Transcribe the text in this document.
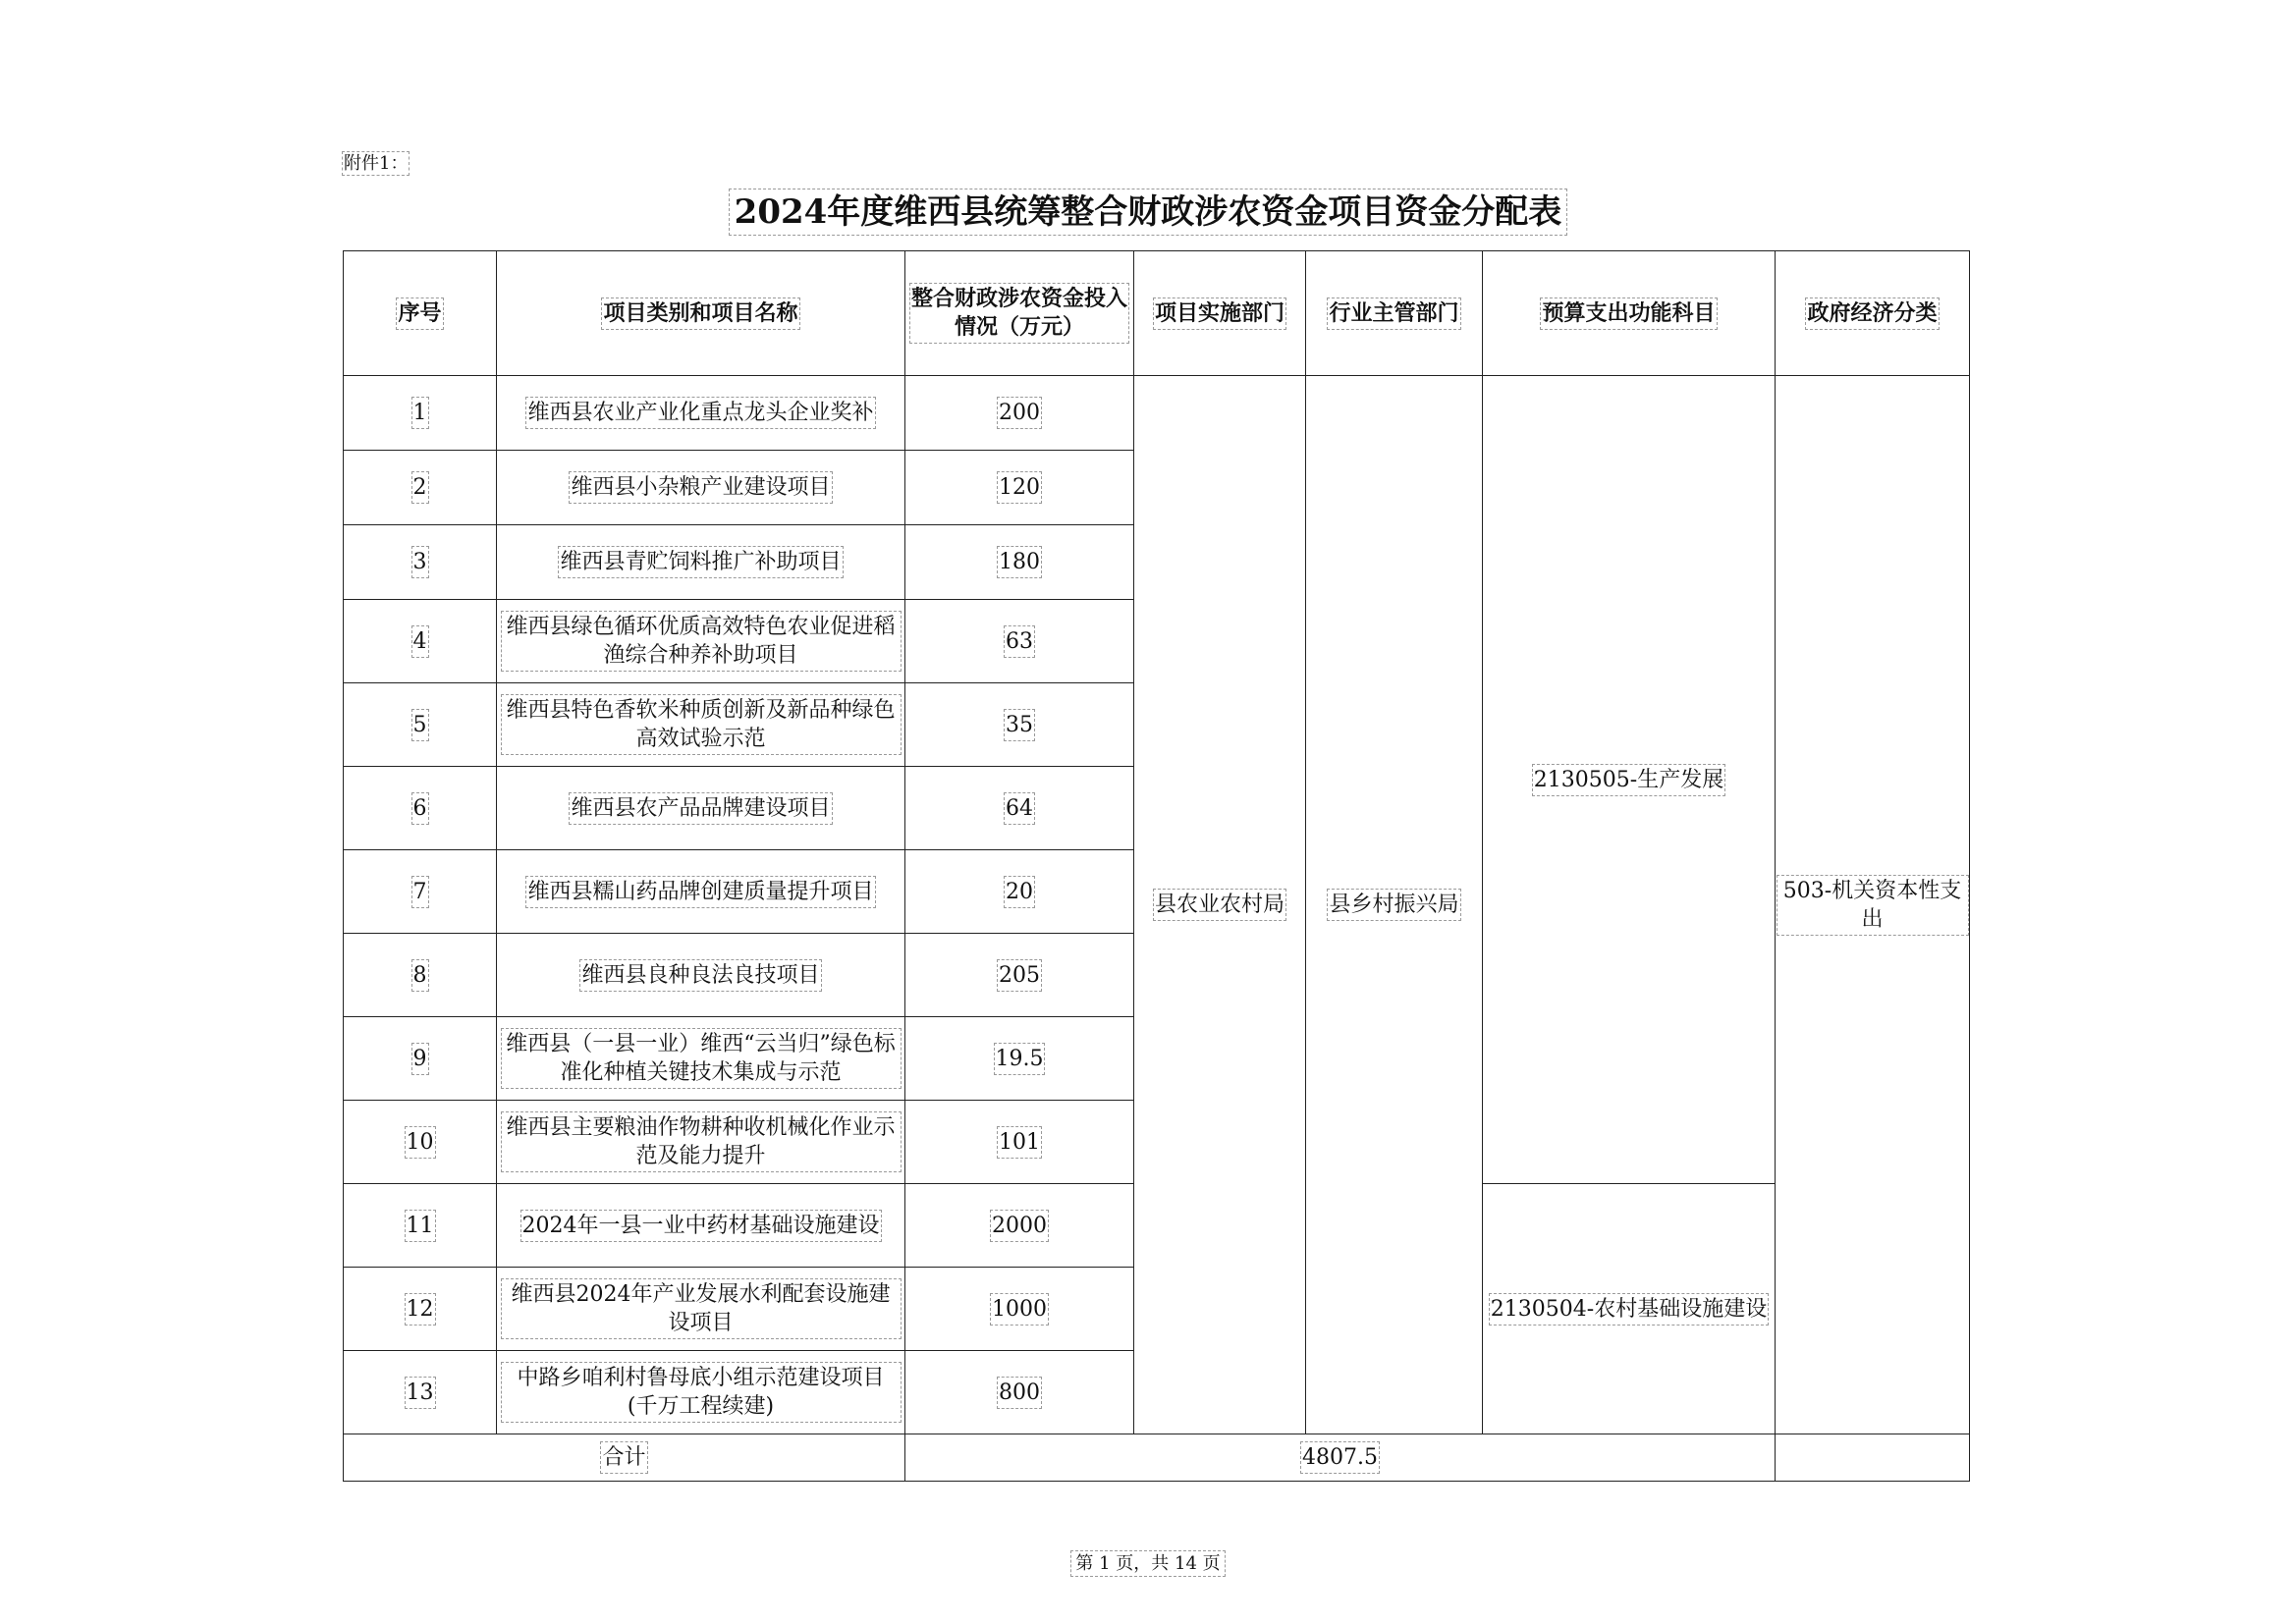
附件1：
2024年度维西县统筹整合财政涉农资金项目资金分配表
序号	项目类别和项目名称	整合财政涉农资金投入情况（万元）	项目实施部门	行业主管部门	预算支出功能科目	政府经济分类
1	维西县农业产业化重点龙头企业奖补	200	县农业农村局	县乡村振兴局	2130505-生产发展	503-机关资本性支出
2	维西县小杂粮产业建设项目	120				
3	维西县青贮饲料推广补助项目	180				
4	维西县绿色循环优质高效特色农业促进稻渔综合种养补助项目	63				
5	维西县特色香软米种质创新及新品种绿色高效试验示范	35				
6	维西县农产品品牌建设项目	64				
7	维西县糯山药品牌创建质量提升项目	20				
8	维西县良种良法良技项目	205				
9	维西县（一县一业）维西“云当归”绿色标准化种植关键技术集成与示范	19.5				
10	维西县主要粮油作物耕种收机械化作业示范及能力提升	101				
11	2024年一县一业中药材基础设施建设	2000			2130504-农村基础设施建设	
12	维西县2024年产业发展水利配套设施建设项目	1000				
13	中路乡咱利村鲁母底小组示范建设项目(千万工程续建)	800				
合计		4807.5				
第 1 页，共 14 页
